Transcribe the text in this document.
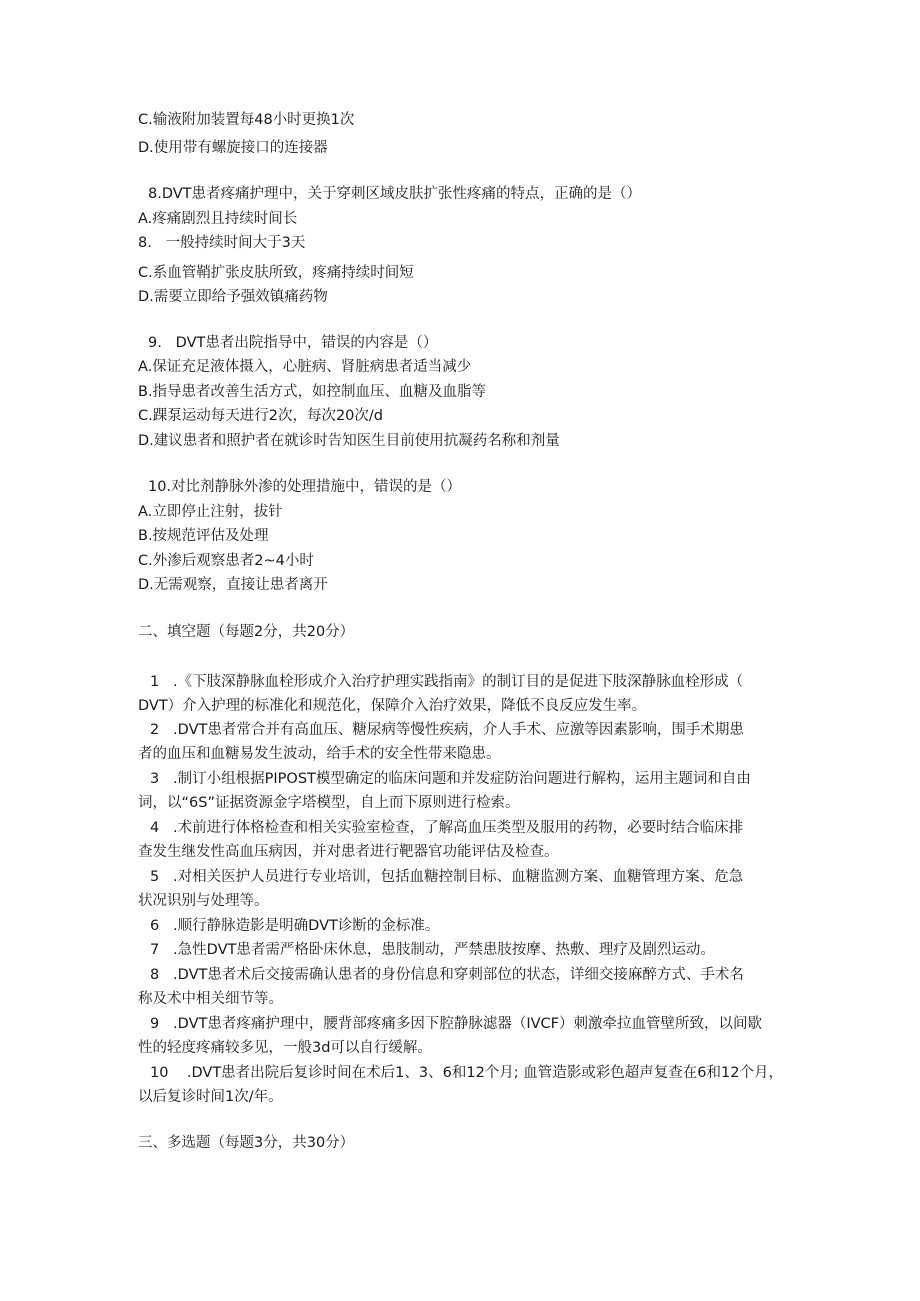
C.输液附加装置每48小时更换1次
D.使用带有螺旋接口的连接器
8.DVT患者疼痛护理中，关于穿刺区域皮肤扩张性疼痛的特点，正确的是（）
A.疼痛剧烈且持续时间长
8.   一般持续时间大于3天
C.系血管鞘扩张皮肤所致，疼痛持续时间短
D.需要立即给予强效镇痛药物
9.   DVT患者出院指导中，错误的内容是（）
A.保证充足液体摄入，心脏病、肾脏病患者适当减少
B.指导患者改善生活方式，如控制血压、血糖及血脂等
C.踝泵运动每天进行2次，每次20次/d
D.建议患者和照护者在就诊时告知医生目前使用抗凝药名称和剂量
10.对比剂静脉外渗的处理措施中，错误的是（）
A.立即停止注射，拔针
B.按规范评估及处理
C.外渗后观察患者2~4小时
D.无需观察，直接让患者离开
二、填空题（每题2分，共20分）
1   .《下肢深静脉血栓形成介入治疗护理实践指南》的制订目的是促进下肢深静脉血栓形成（
DVT）介入护理的标准化和规范化，保障介入治疗效果，降低不良反应发生率。
2   .DVT患者常合并有高血压、糖尿病等慢性疾病，介人手术、应激等因素影响，围手术期患
者的血压和血糖易发生波动，给手术的安全性带来隐患。
3   .制订小组根据PIPOST模型确定的临床问题和并发症防治问题进行解构，运用主题词和自由
词，以“6S”证据资源金字塔模型，自上而下原则进行检索。
4   .术前进行体格检查和相关实验室检查，了解高血压类型及服用的药物，必要时结合临床排
查发生继发性高血压病因，并对患者进行靶器官功能评估及检查。
5   .对相关医护人员进行专业培训，包括血糖控制目标、血糖监测方案、血糖管理方案、危急
状况识别与处理等。
6   .顺行静脉造影是明确DVT诊断的金标准。
7   .急性DVT患者需严格卧床休息，患肢制动，严禁患肢按摩、热敷、理疗及剧烈运动。
8   .DVT患者术后交接需确认患者的身份信息和穿刺部位的状态，详细交接麻醉方式、手术名
称及术中相关细节等。
9   .DVT患者疼痛护理中，腰背部疼痛多因下腔静脉滤器（IVCF）刺激牵拉血管壁所致，以间歇
性的轻度疼痛较多见，一般3d可以自行缓解。
10    .DVT患者出院后复诊时间在术后1、3、6和12个月; 血管造影或彩色超声复查在6和12个月，
以后复诊时间1次/年。
三、多选题（每题3分，共30分）
